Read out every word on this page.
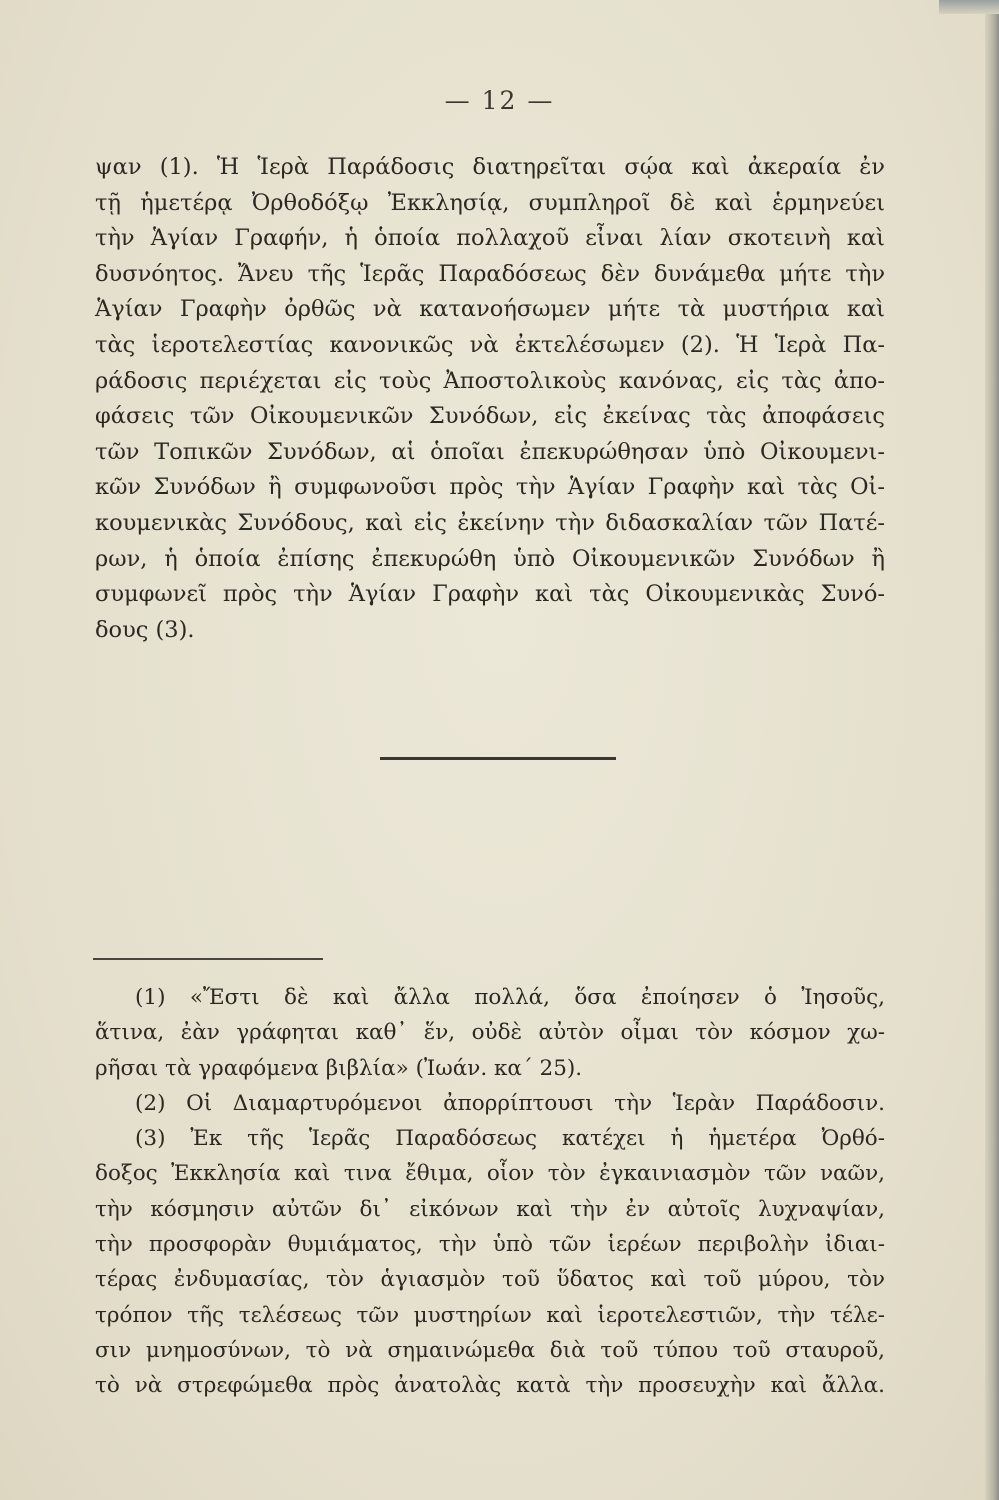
— 12 —
ψαν (1). Ἡ Ἱερὰ Παράδοσις διατηρεῖται σῴα καὶ ἀκεραία ἐν
τῇ ἡμετέρᾳ Ὀρθοδόξῳ Ἐκκλησίᾳ, συμπληροῖ δὲ καὶ ἑρμηνεύει
τὴν Ἁγίαν Γραφήν, ἡ ὁποία πολλαχοῦ εἶναι λίαν σκοτεινὴ καὶ
δυσνόητος. Ἄνευ τῆς Ἱερᾶς Παραδόσεως δὲν δυνάμεθα μήτε τὴν
Ἁγίαν Γραφὴν ὀρθῶς νὰ κατανοήσωμεν μήτε τὰ μυστήρια καὶ
τὰς ἱεροτελεστίας κανονικῶς νὰ ἐκτελέσωμεν (2). Ἡ Ἱερὰ Πα-
ράδοσις περιέχεται εἰς τοὺς Ἀποστολικοὺς κανόνας, εἰς τὰς ἀπο-
φάσεις τῶν Οἰκουμενικῶν Συνόδων, εἰς ἐκείνας τὰς ἀποφάσεις
τῶν Τοπικῶν Συνόδων, αἱ ὁποῖαι ἐπεκυρώθησαν ὑπὸ Οἰκουμενι-
κῶν Συνόδων ἢ συμφωνοῦσι πρὸς τὴν Ἁγίαν Γραφὴν καὶ τὰς Οἰ-
κουμενικὰς Συνόδους, καὶ εἰς ἐκείνην τὴν διδασκαλίαν τῶν Πατέ-
ρων, ἡ ὁποία ἐπίσης ἐπεκυρώθη ὑπὸ Οἰκουμενικῶν Συνόδων ἢ
συμφωνεῖ πρὸς τὴν Ἁγίαν Γραφὴν καὶ τὰς Οἰκουμενικὰς Συνό-
δους (3).
(1) «Ἔστι δὲ καὶ ἄλλα πολλά, ὅσα ἐποίησεν ὁ Ἰησοῦς,
ἅτινα, ἐὰν γράφηται καθ᾽ ἕν, οὐδὲ αὐτὸν οἶμαι τὸν κόσμον χω-
ρῆσαι τὰ γραφόμενα βιβλία» (Ἰωάν. κα΄ 25).
(2) Οἱ Διαμαρτυρόμενοι ἀπορρίπτουσι τὴν Ἱερὰν Παράδοσιν.
(3) Ἐκ τῆς Ἱερᾶς Παραδόσεως κατέχει ἡ ἡμετέρα Ὀρθό-
δοξος Ἐκκλησία καὶ τινα ἔθιμα, οἷον τὸν ἐγκαινιασμὸν τῶν ναῶν,
τὴν κόσμησιν αὐτῶν δι᾽ εἰκόνων καὶ τὴν ἐν αὐτοῖς λυχναψίαν,
τὴν προσφορὰν θυμιάματος, τὴν ὑπὸ τῶν ἱερέων περιβολὴν ἰδιαι-
τέρας ἐνδυμασίας, τὸν ἁγιασμὸν τοῦ ὕδατος καὶ τοῦ μύρου, τὸν
τρόπον τῆς τελέσεως τῶν μυστηρίων καὶ ἱεροτελεστιῶν, τὴν τέλε-
σιν μνημοσύνων, τὸ νὰ σημαινώμεθα διὰ τοῦ τύπου τοῦ σταυροῦ,
τὸ νὰ στρεφώμεθα πρὸς ἀνατολὰς κατὰ τὴν προσευχὴν καὶ ἄλλα.
